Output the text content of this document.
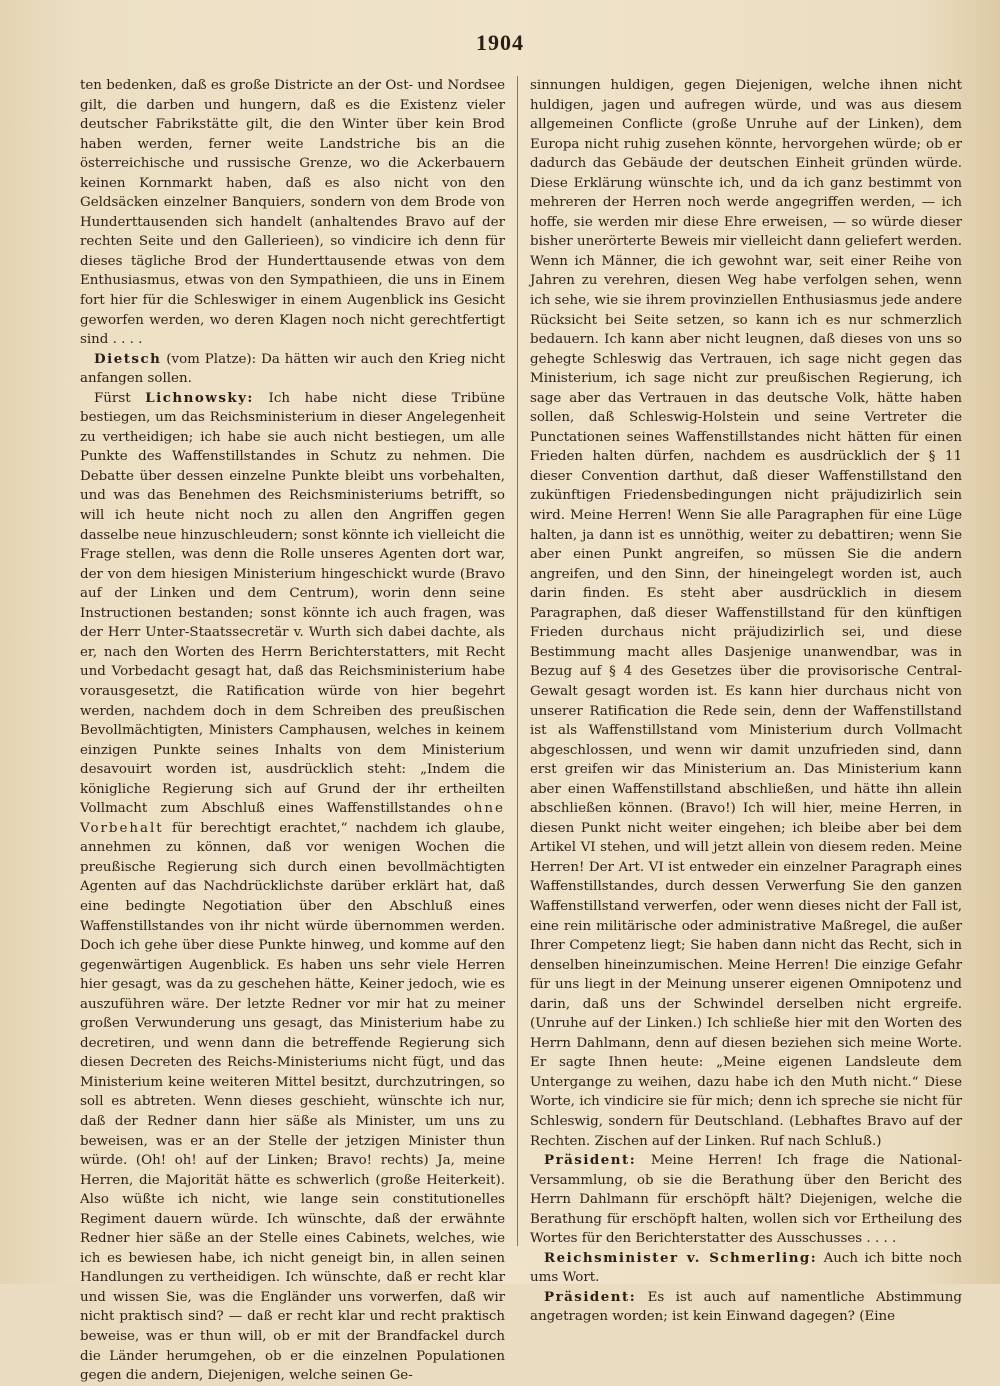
1904

ten bedenken, daß es große Districte an der Ost- und Nordsee gilt, die darben und hungern, daß es die Existenz vieler deutscher Fabrikstätte gilt, die den Winter über kein Brod haben werden, ferner weite Landstriche bis an die österreichische und russische Grenze, wo die Ackerbauern keinen Kornmarkt haben, daß es also nicht von den Geldsäcken einzelner Banquiers, sondern von dem Brode von Hunderttausenden sich handelt (anhaltendes Bravo auf der rechten Seite und den Gallerieen), so vindicire ich denn für dieses tägliche Brod der Hunderttausende etwas von dem Enthusiasmus, etwas von den Sympathieen, die uns in Einem fort hier für die Schleswiger in einem Augenblick ins Gesicht geworfen werden, wo deren Klagen noch nicht gerechtfertigt sind . . . .

Dietsch (vom Platze): Da hätten wir auch den Krieg nicht anfangen sollen.

Fürst Lichnowsky: Ich habe nicht diese Tribüne bestiegen, um das Reichsministerium in dieser Angelegenheit zu vertheidigen; ich habe sie auch nicht bestiegen, um alle Punkte des Waffenstillstandes in Schutz zu nehmen. Die Debatte über dessen einzelne Punkte bleibt uns vorbehalten, und was das Benehmen des Reichsministeriums betrifft, so will ich heute nicht noch zu allen den Angriffen gegen dasselbe neue hinzuschleudern; sonst könnte ich vielleicht die Frage stellen, was denn die Rolle unseres Agenten dort war, der von dem hiesigen Ministerium hingeschickt wurde (Bravo auf der Linken und dem Centrum), worin denn seine Instructionen bestanden; sonst könnte ich auch fragen, was der Herr Unter-Staatssecretär v. Wurth sich dabei dachte, als er, nach den Worten des Herrn Berichterstatters, mit Recht und Vorbedacht gesagt hat, daß das Reichsministerium habe vorausgesetzt, die Ratification würde von hier begehrt werden, nachdem doch in dem Schreiben des preußischen Bevollmächtigten, Ministers Camphausen, welches in keinem einzigen Punkte seines Inhalts von dem Ministerium desavouirt worden ist, ausdrücklich steht: „Indem die königliche Regierung sich auf Grund der ihr ertheilten Vollmacht zum Abschluß eines Waffenstillstandes ohne Vorbehalt für berechtigt erachtet,“ nachdem ich glaube, annehmen zu können, daß vor wenigen Wochen die preußische Regierung sich durch einen bevollmächtigten Agenten auf das Nachdrücklichste darüber erklärt hat, daß eine bedingte Negotiation über den Abschluß eines Waffenstillstandes von ihr nicht würde übernommen werden. Doch ich gehe über diese Punkte hinweg, und komme auf den gegenwärtigen Augenblick. Es haben uns sehr viele Herren hier gesagt, was da zu geschehen hätte, Keiner jedoch, wie es auszuführen wäre. Der letzte Redner vor mir hat zu meiner großen Verwunderung uns gesagt, das Ministerium habe zu decretiren, und wenn dann die betreffende Regierung sich diesen Decreten des Reichs-Ministeriums nicht fügt, und das Ministerium keine weiteren Mittel besitzt, durchzutringen, so soll es abtreten. Wenn dieses geschieht, wünschte ich nur, daß der Redner dann hier säße als Minister, um uns zu beweisen, was er an der Stelle der jetzigen Minister thun würde. (Oh! oh! auf der Linken; Bravo! rechts) Ja, meine Herren, die Majorität hätte es schwerlich (große Heiterkeit). Also wüßte ich nicht, wie lange sein constitutionelles Regiment dauern würde. Ich wünschte, daß der erwähnte Redner hier säße an der Stelle eines Cabinets, welches, wie ich es bewiesen habe, ich nicht geneigt bin, in allen seinen Handlungen zu vertheidigen. Ich wünschte, daß er recht klar und wissen Sie, was die Engländer uns vorwerfen, daß wir nicht praktisch sind? — daß er recht klar und recht praktisch beweise, was er thun will, ob er mit der Brandfackel durch die Länder herumgehen, ob er die einzelnen Populationen gegen die andern, Diejenigen, welche seinen Ge-

sinnungen huldigen, gegen Diejenigen, welche ihnen nicht huldigen, jagen und aufregen würde, und was aus diesem allgemeinen Conflicte (große Unruhe auf der Linken), dem Europa nicht ruhig zusehen könnte, hervorgehen würde; ob er dadurch das Gebäude der deutschen Einheit gründen würde. Diese Erklärung wünschte ich, und da ich ganz bestimmt von mehreren der Herren noch werde angegriffen werden, — ich hoffe, sie werden mir diese Ehre erweisen, — so würde dieser bisher unerörterte Beweis mir vielleicht dann geliefert werden. Wenn ich Männer, die ich gewohnt war, seit einer Reihe von Jahren zu verehren, diesen Weg habe verfolgen sehen, wenn ich sehe, wie sie ihrem provinziellen Enthusiasmus jede andere Rücksicht bei Seite setzen, so kann ich es nur schmerzlich bedauern. Ich kann aber nicht leugnen, daß dieses von uns so gehegte Schleswig das Vertrauen, ich sage nicht gegen das Ministerium, ich sage nicht zur preußischen Regierung, ich sage aber das Vertrauen in das deutsche Volk, hätte haben sollen, daß Schleswig-Holstein und seine Vertreter die Punctationen seines Waffenstillstandes nicht hätten für einen Frieden halten dürfen, nachdem es ausdrücklich der § 11 dieser Convention darthut, daß dieser Waffenstillstand den zukünftigen Friedensbedingungen nicht präjudizirlich sein wird. Meine Herren! Wenn Sie alle Paragraphen für eine Lüge halten, ja dann ist es unnöthig, weiter zu debattiren; wenn Sie aber einen Punkt angreifen, so müssen Sie die andern angreifen, und den Sinn, der hineingelegt worden ist, auch darin finden. Es steht aber ausdrücklich in diesem Paragraphen, daß dieser Waffenstillstand für den künftigen Frieden durchaus nicht präjudizirlich sei, und diese Bestimmung macht alles Dasjenige unanwendbar, was in Bezug auf § 4 des Gesetzes über die provisorische Central-Gewalt gesagt worden ist. Es kann hier durchaus nicht von unserer Ratification die Rede sein, denn der Waffenstillstand ist als Waffenstillstand vom Ministerium durch Vollmacht abgeschlossen, und wenn wir damit unzufrieden sind, dann erst greifen wir das Ministerium an. Das Ministerium kann aber einen Waffenstillstand abschließen, und hätte ihn allein abschließen können. (Bravo!) Ich will hier, meine Herren, in diesen Punkt nicht weiter eingehen; ich bleibe aber bei dem Artikel VI stehen, und will jetzt allein von diesem reden. Meine Herren! Der Art. VI ist entweder ein einzelner Paragraph eines Waffenstillstandes, durch dessen Verwerfung Sie den ganzen Waffenstillstand verwerfen, oder wenn dieses nicht der Fall ist, eine rein militärische oder administrative Maßregel, die außer Ihrer Competenz liegt; Sie haben dann nicht das Recht, sich in denselben hineinzumischen. Meine Herren! Die einzige Gefahr für uns liegt in der Meinung unserer eigenen Omnipotenz und darin, daß uns der Schwindel derselben nicht ergreife. (Unruhe auf der Linken.) Ich schließe hier mit den Worten des Herrn Dahlmann, denn auf diesen beziehen sich meine Worte. Er sagte Ihnen heute: „Meine eigenen Landsleute dem Untergange zu weihen, dazu habe ich den Muth nicht.“ Diese Worte, ich vindicire sie für mich; denn ich spreche sie nicht für Schleswig, sondern für Deutschland. (Lebhaftes Bravo auf der Rechten. Zischen auf der Linken. Ruf nach Schluß.)

Präsident: Meine Herren! Ich frage die National-Versammlung, ob sie die Berathung über den Bericht des Herrn Dahlmann für erschöpft hält? Diejenigen, welche die Berathung für erschöpft halten, wollen sich vor Ertheilung des Wortes für den Berichterstatter des Ausschusses . . . .

Reichsminister v. Schmerling: Auch ich bitte noch ums Wort.

Präsident: Es ist auch auf namentliche Abstimmung angetragen worden; ist kein Einwand dagegen? (Eine
